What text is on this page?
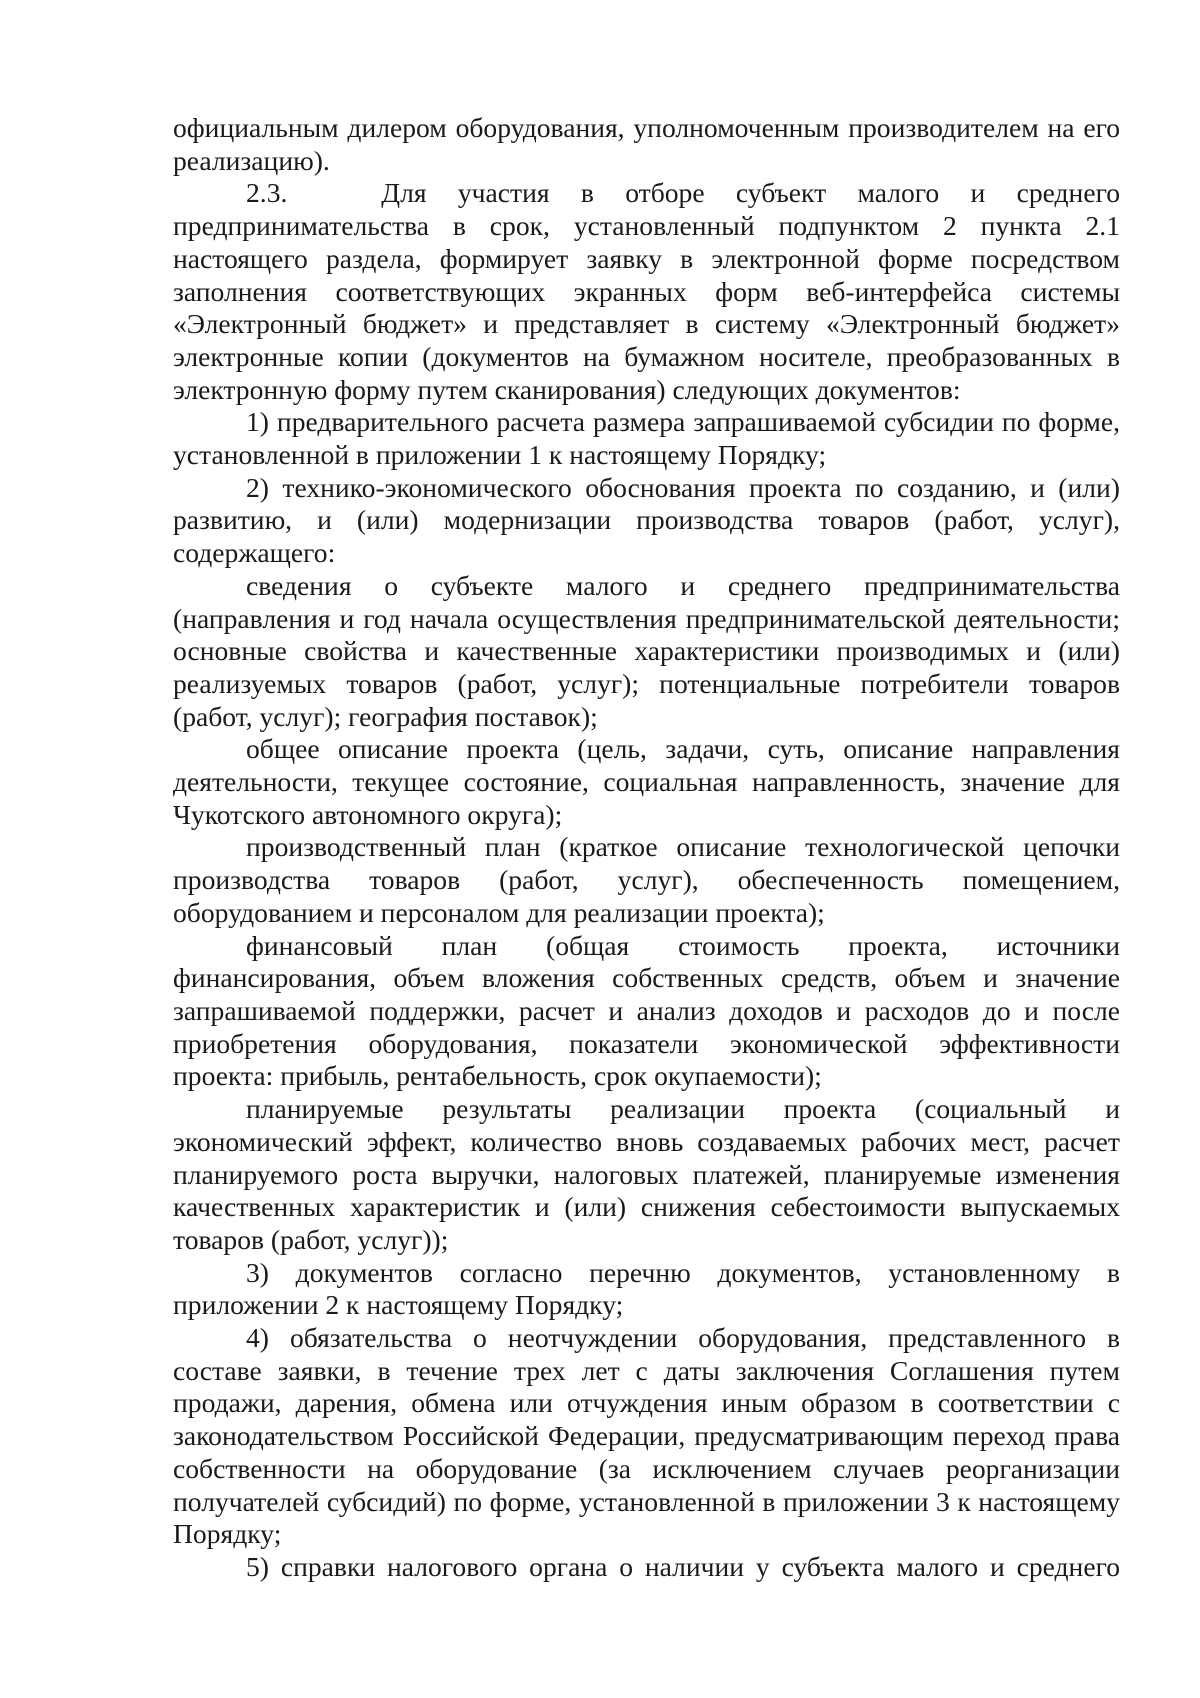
официальным дилером оборудования, уполномоченным производителем на его реализацию).

2.3.   Для участия в отборе субъект малого и среднего предпринимательства в срок, установленный подпунктом 2 пункта 2.1 настоящего раздела, формирует заявку в электронной форме посредством заполнения соответствующих экранных форм веб-интерфейса системы «Электронный бюджет» и представляет в систему «Электронный бюджет» электронные копии (документов на бумажном носителе, преобразованных в электронную форму путем сканирования) следующих документов:

1) предварительного расчета размера запрашиваемой субсидии по форме, установленной в приложении 1 к настоящему Порядку;

2) технико-экономического обоснования проекта по созданию, и (или) развитию, и (или) модернизации производства товаров (работ, услуг), содержащего:

сведения о субъекте малого и среднего предпринимательства (направления и год начала осуществления предпринимательской деятельности; основные свойства и качественные характеристики производимых и (или) реализуемых товаров (работ, услуг); потенциальные потребители товаров (работ, услуг); география поставок);

общее описание проекта (цель, задачи, суть, описание направления деятельности, текущее состояние, социальная направленность, значение для Чукотского автономного округа);

производственный план (краткое описание технологической цепочки производства товаров (работ, услуг), обеспеченность помещением, оборудованием и персоналом для реализации проекта);

финансовый план (общая стоимость проекта, источники финансирования, объем вложения собственных средств, объем и значение запрашиваемой поддержки, расчет и анализ доходов и расходов до и после приобретения оборудования, показатели экономической эффективности проекта: прибыль, рентабельность, срок окупаемости);

планируемые результаты реализации проекта (социальный и экономический эффект, количество вновь создаваемых рабочих мест, расчет планируемого роста выручки, налоговых платежей, планируемые изменения качественных характеристик и (или) снижения себестоимости выпускаемых товаров (работ, услуг));

3) документов согласно перечню документов, установленному в приложении 2 к настоящему Порядку;

4) обязательства о неотчуждении оборудования, представленного в составе заявки, в течение трех лет с даты заключения Соглашения путем продажи, дарения, обмена или отчуждения иным образом в соответствии с законодательством Российской Федерации, предусматривающим переход права собственности на оборудование (за исключением случаев реорганизации получателей субсидий) по форме, установленной в приложении 3 к настоящему Порядку;

5) справки налогового органа о наличии у субъекта малого и среднего
